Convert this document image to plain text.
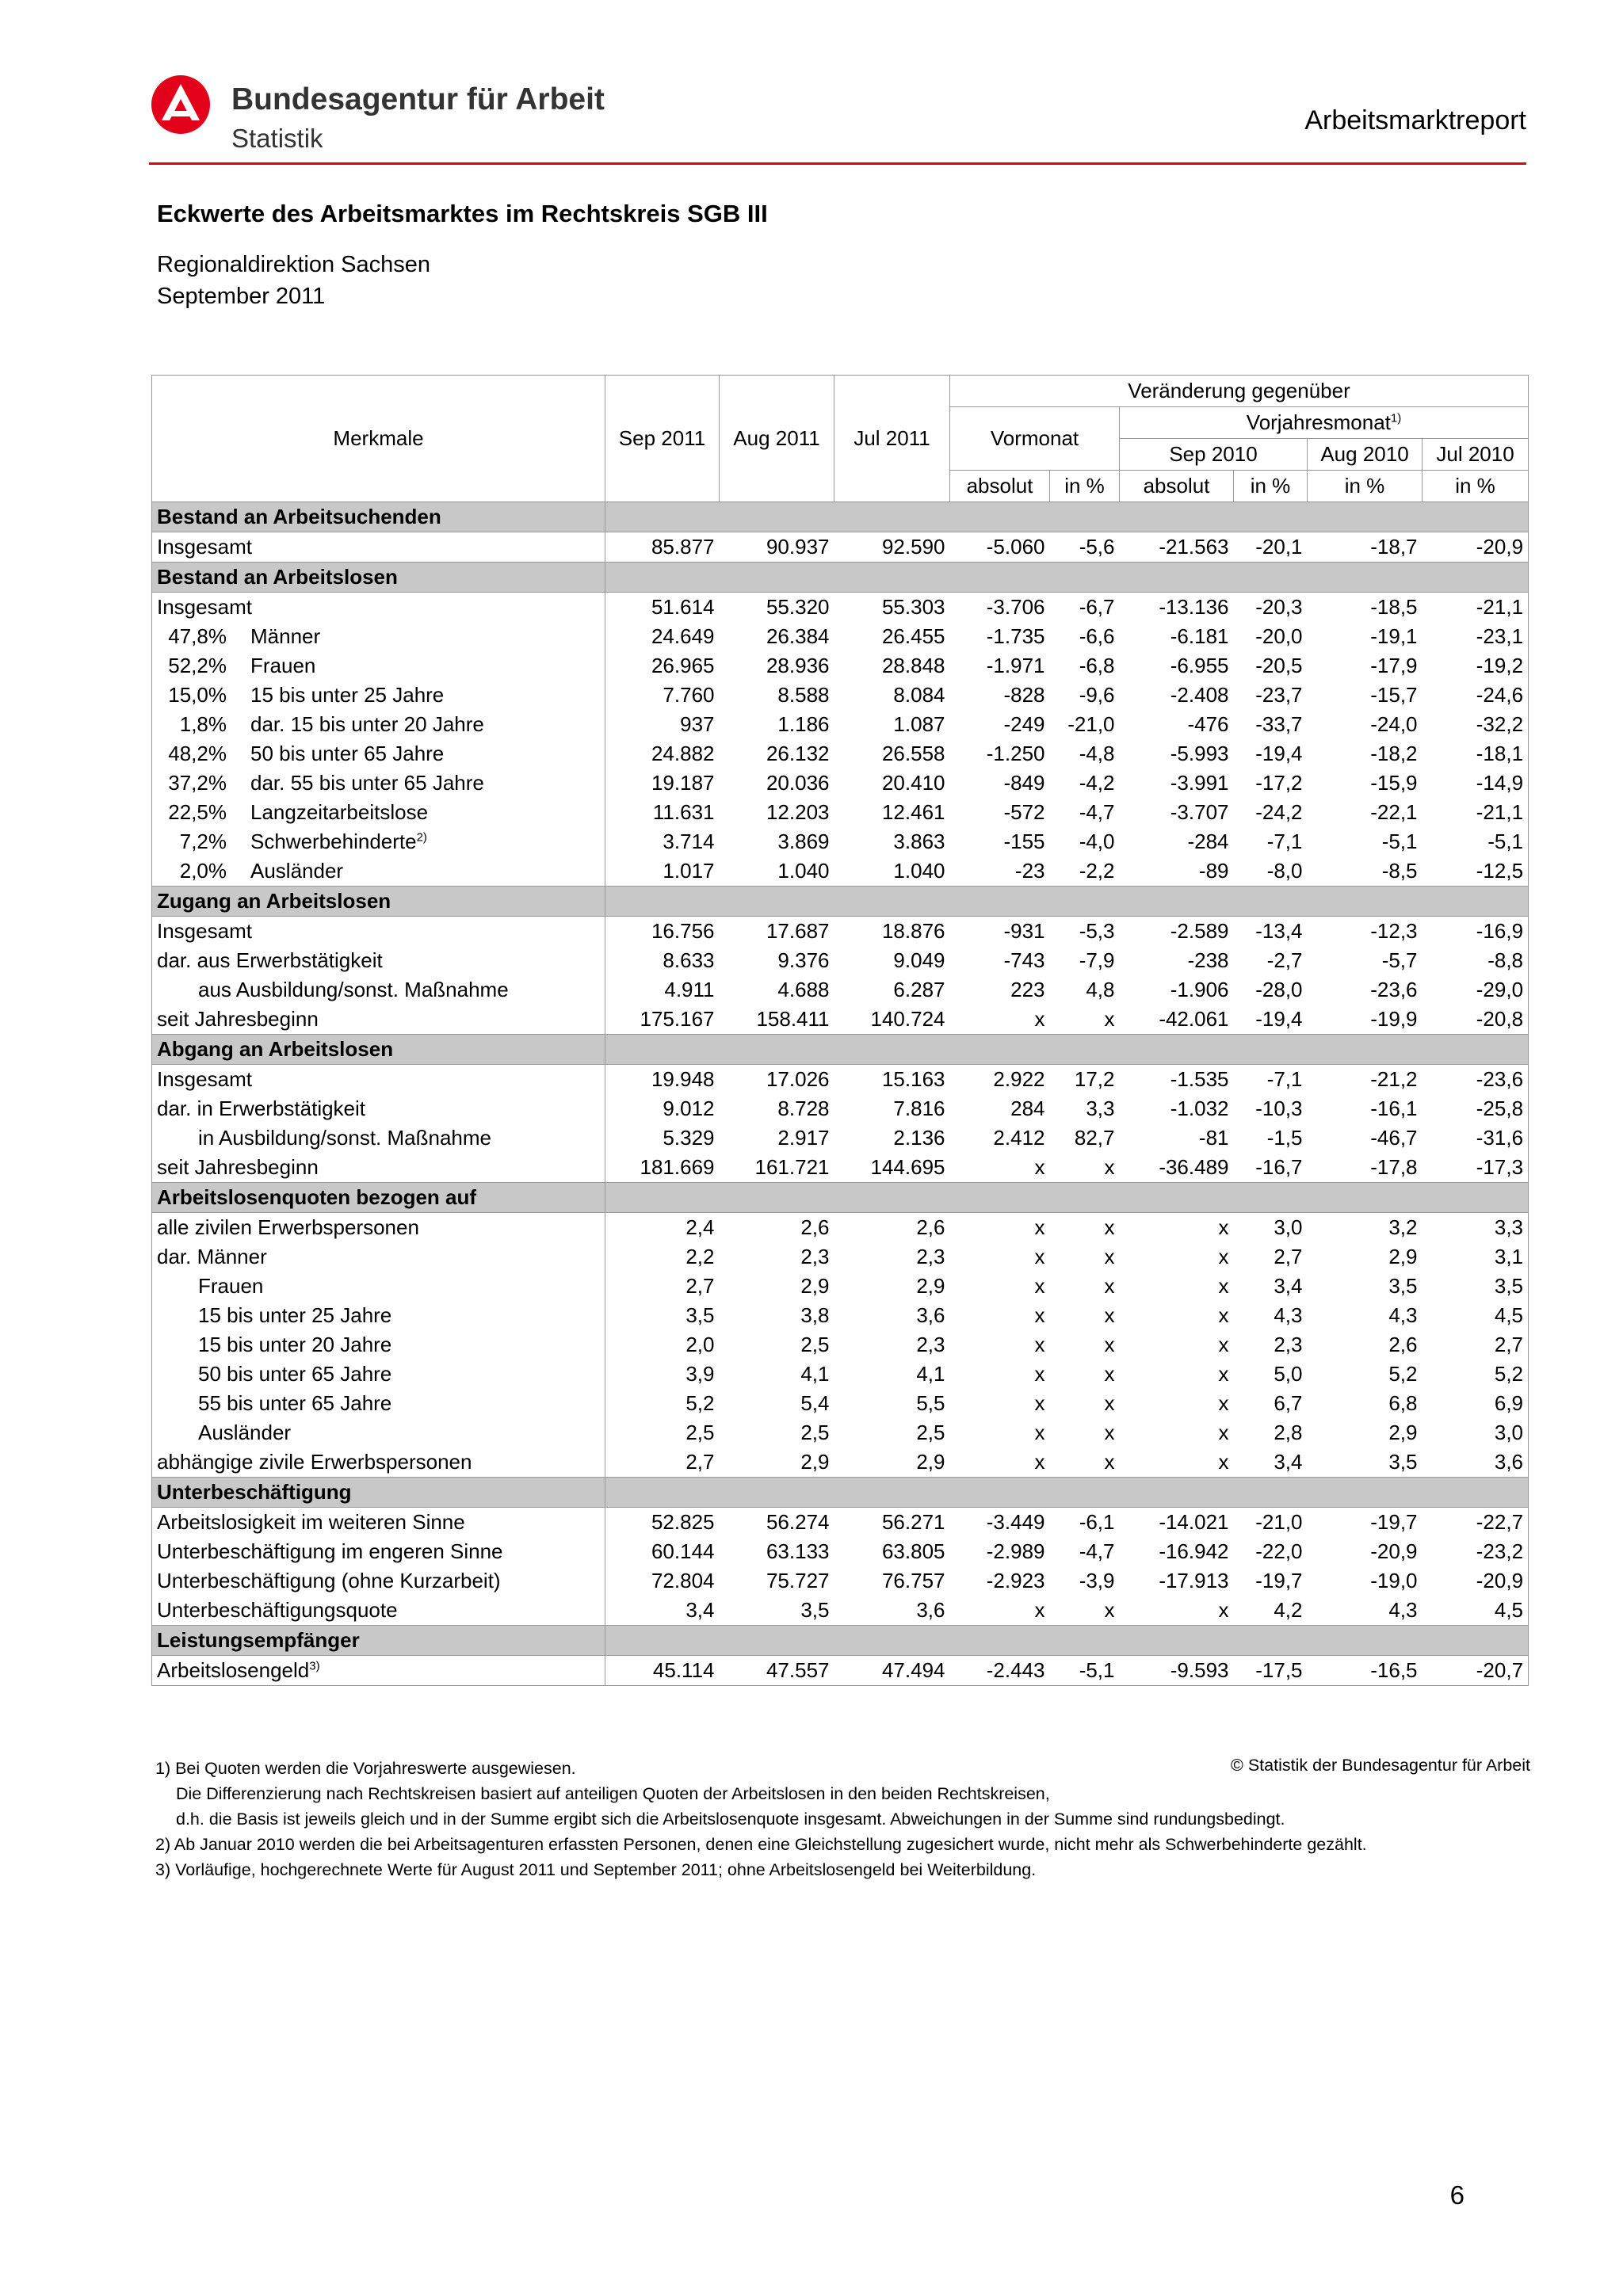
Bundesagentur für Arbeit
Statistik
Arbeitsmarktreport
Eckwerte des Arbeitsmarktes im Rechtskreis SGB III
Regionaldirektion Sachsen
September 2011
Merkmale	Sep 2011	Aug 2011	Jul 2011	Veränderung gegenüber					
				Vormonat		Vorjahresmonat$^{1)}$
						Sep 2010		Aug 2010	Jul 2010
				absolut	in %	absolut	in %	in %	in %
Bestand an Arbeitsuchenden									
Insgesamt	85.877	90.937	92.590	-5.060	-5,6	-21.563	-20,1	-18,7	-20,9
Bestand an Arbeitslosen									
Insgesamt	51.614	55.320	55.303	-3.706	-6,7	-13.136	-20,3	-18,5	-21,1
47,8% Männer	24.649	26.384	26.455	-1.735	-6,6	-6.181	-20,0	-19,1	-23,1
52,2% Frauen	26.965	28.936	28.848	-1.971	-6,8	-6.955	-20,5	-17,9	-19,2
15,0% 15 bis unter 25 Jahre	7.760	8.588	8.084	-828	-9,6	-2.408	-23,7	-15,7	-24,6
1,8% dar. 15 bis unter 20 Jahre	937	1.186	1.087	-249	-21,0	-476	-33,7	-24,0	-32,2
48,2% 50 bis unter 65 Jahre	24.882	26.132	26.558	-1.250	-4,8	-5.993	-19,4	-18,2	-18,1
37,2% dar. 55 bis unter 65 Jahre	19.187	20.036	20.410	-849	-4,2	-3.991	-17,2	-15,9	-14,9
22,5% Langzeitarbeitslose	11.631	12.203	12.461	-572	-4,7	-3.707	-24,2	-22,1	-21,1
7,2% Schwerbehinderte$^{2)}$	3.714	3.869	3.863	-155	-4,0	-284	-7,1	-5,1	-5,1
2,0% Ausländer	1.017	1.040	1.040	-23	-2,2	-89	-8,0	-8,5	-12,5
Zugang an Arbeitslosen									
Insgesamt	16.756	17.687	18.876	-931	-5,3	-2.589	-13,4	-12,3	-16,9
dar. aus Erwerbstätigkeit	8.633	9.376	9.049	-743	-7,9	-238	-2,7	-5,7	-8,8
aus Ausbildung/sonst. Maßnahme	4.911	4.688	6.287	223	4,8	-1.906	-28,0	-23,6	-29,0
seit Jahresbeginn	175.167	158.411	140.724	x	x	-42.061	-19,4	-19,9	-20,8
Abgang an Arbeitslosen									
Insgesamt	19.948	17.026	15.163	2.922	17,2	-1.535	-7,1	-21,2	-23,6
dar. in Erwerbstätigkeit	9.012	8.728	7.816	284	3,3	-1.032	-10,3	-16,1	-25,8
in Ausbildung/sonst. Maßnahme	5.329	2.917	2.136	2.412	82,7	-81	-1,5	-46,7	-31,6
seit Jahresbeginn	181.669	161.721	144.695	x	x	-36.489	-16,7	-17,8	-17,3
Arbeitslosenquoten bezogen auf									
alle zivilen Erwerbspersonen	2,4	2,6	2,6	x	x	x	3,0	3,2	3,3
dar. Männer	2,2	2,3	2,3	x	x	x	2,7	2,9	3,1
Frauen	2,7	2,9	2,9	x	x	x	3,4	3,5	3,5
15 bis unter 25 Jahre	3,5	3,8	3,6	x	x	x	4,3	4,3	4,5
15 bis unter 20 Jahre	2,0	2,5	2,3	x	x	x	2,3	2,6	2,7
50 bis unter 65 Jahre	3,9	4,1	4,1	x	x	x	5,0	5,2	5,2
55 bis unter 65 Jahre	5,2	5,4	5,5	x	x	x	6,7	6,8	6,9
Ausländer	2,5	2,5	2,5	x	x	x	2,8	2,9	3,0
abhängige zivile Erwerbspersonen	2,7	2,9	2,9	x	x	x	3,4	3,5	3,6
Unterbeschäftigung									
Arbeitslosigkeit im weiteren Sinne	52.825	56.274	56.271	-3.449	-6,1	-14.021	-21,0	-19,7	-22,7
Unterbeschäftigung im engeren Sinne	60.144	63.133	63.805	-2.989	-4,7	-16.942	-22,0	-20,9	-23,2
Unterbeschäftigung (ohne Kurzarbeit)	72.804	75.727	76.757	-2.923	-3,9	-17.913	-19,7	-19,0	-20,9
Unterbeschäftigungsquote	3,4	3,5	3,6	x	x	x	4,2	4,3	4,5
Leistungsempfänger									
Arbeitslosengeld$^{3)}$	45.114	47.557	47.494	-2.443	-5,1	-9.593	-17,5	-16,5	-20,7
1) Bei Quoten werden die Vorjahreswerte ausgewiesen.
Die Differenzierung nach Rechtskreisen basiert auf anteiligen Quoten der Arbeitslosen in den beiden Rechtskreisen,
d.h. die Basis ist jeweils gleich und in der Summe ergibt sich die Arbeitslosenquote insgesamt. Abweichungen in der Summe sind rundungsbedingt.
2) Ab Januar 2010 werden die bei Arbeitsagenturen erfassten Personen, denen eine Gleichstellung zugesichert wurde, nicht mehr als Schwerbehinderte gezählt.
3) Vorläufige, hochgerechnete Werte für August 2011 und September 2011; ohne Arbeitslosengeld bei Weiterbildung.
© Statistik der Bundesagentur für Arbeit
6
